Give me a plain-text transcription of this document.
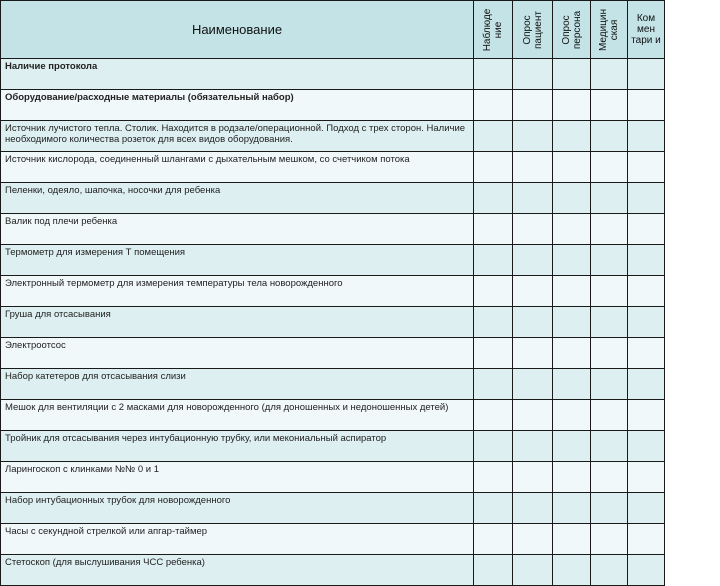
Наименование	Наблюде ние	Опрос пациент	Опрос персона	Медицин ская	Ком мен тари и
Наличие протокола					
Оборудование/расходные материалы (обязательный набор)					
Источник лучистого тепла. Столик. Находится в родзале/операционной. Подход с трех сторон. Наличие необходимого количества розеток для всех видов оборудования.					
Источник кислорода, соединенный шлангами с дыхательным мешком, со счетчиком потока					
Пеленки, одеяло, шапочка, носочки для ребенка					
Валик под плечи ребенка					
Термометр для измерения Т помещения					
Электронный термометр для измерения температуры тела новорожденного					
Груша для отсасывания					
Электроотсос					
Набор катетеров для отсасывания слизи					
Мешок для вентиляции с 2 масками для новорожденного (для доношенных и недоношенных детей)					
Тройник для отсасывания через интубационную трубку, или мекониальный аспиратор					
Ларингоскоп с клинками №№ 0 и 1					
Набор интубационных трубок для новорожденного					
Часы с секундной стрелкой или апгар-таймер					
Стетоскоп (для выслушивания ЧСС ребенка)					
